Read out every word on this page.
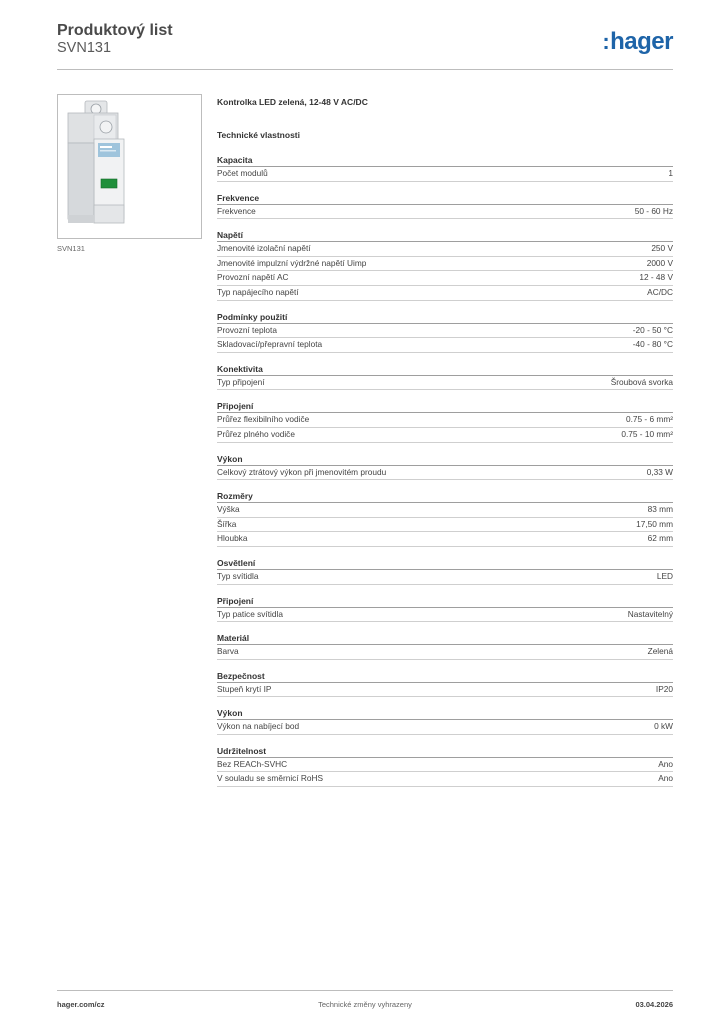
Produktový list
SVN131	:hager
SVN131
Kontrolka LED zelená, 12-48 V AC/DC
Technické vlastnosti
Kapacita
Počet modulů	1
Frekvence
Frekvence	50 - 60 Hz
Napětí
Jmenovité izolační napětí	250 V
Jmenovité impulzní výdržné napětí Uimp	2000 V
Provozní napětí AC	12 - 48 V
Typ napájecího napětí	AC/DC
Podmínky použití
Provozní teplota	-20 - 50 °C
Skladovací/přepravní teplota	-40 - 80 °C
Konektivita
Typ připojení	Šroubová svorka
Připojení
Průřez flexibilního vodiče	0.75 - 6 mm²
Průřez plného vodiče	0.75 - 10 mm²
Výkon
Celkový ztrátový výkon při jmenovitém proudu	0,33 W
Rozměry
Výška	83 mm
Šířka	17,50 mm
Hloubka	62 mm
Osvětlení
Typ svítidla	LED
Připojení
Typ patice svítidla	Nastavitelný
Materiál
Barva	Zelená
Bezpečnost
Stupeň krytí IP	IP20
Výkon
Výkon na nabíjecí bod	0 kW
Udržitelnost
Bez REACh-SVHC	Ano
V souladu se směrnicí RoHS	Ano
hager.com/cz	Technické změny vyhrazeny	03.04.2026
